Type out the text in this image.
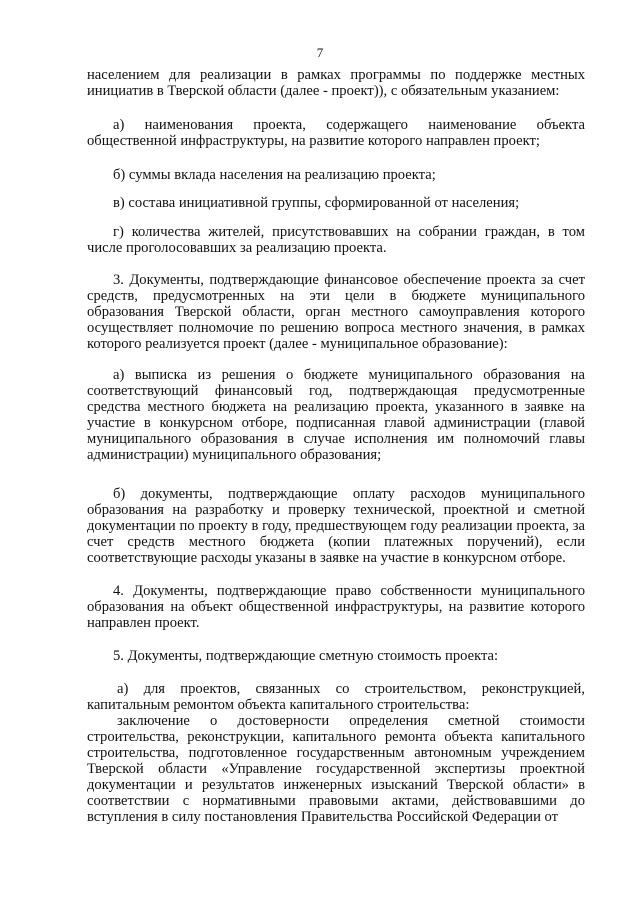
7

населением для реализации в рамках программы по поддержке местных инициатив в Тверской области (далее - проект)), с обязательным указанием:

а) наименования проекта, содержащего наименование объекта общественной инфраструктуры, на развитие которого направлен проект;

б) суммы вклада населения на реализацию проекта;

в) состава инициативной группы, сформированной от населения;

г) количества жителей, присутствовавших на собрании граждан, в том числе проголосовавших за реализацию проекта.

3. Документы, подтверждающие финансовое обеспечение проекта за счет средств, предусмотренных на эти цели в бюджете муниципального образования Тверской области, орган местного самоуправления которого осуществляет полномочие по решению вопроса местного значения, в рамках которого реализуется проект (далее - муниципальное образование):

а) выписка из решения о бюджете муниципального образования на соответствующий финансовый год, подтверждающая предусмотренные средства местного бюджета на реализацию проекта, указанного в заявке на участие в конкурсном отборе, подписанная главой администрации (главой муниципального образования в случае исполнения им полномочий главы администрации) муниципального образования;

б) документы, подтверждающие оплату расходов муниципального образования на разработку и проверку технической, проектной и сметной документации по проекту в году, предшествующем году реализации проекта, за счет средств местного бюджета (копии платежных поручений), если соответствующие расходы указаны в заявке на участие в конкурсном отборе.

4. Документы, подтверждающие право собственности муниципального образования на объект общественной инфраструктуры, на развитие которого направлен проект.

5. Документы, подтверждающие сметную стоимость проекта:

а) для проектов, связанных со строительством, реконструкцией, капитальным ремонтом объекта капитального строительства:

заключение о достоверности определения сметной стоимости строительства, реконструкции, капитального ремонта объекта капитального строительства, подготовленное государственным автономным учреждением Тверской области «Управление государственной экспертизы проектной документации и результатов инженерных изысканий Тверской области» в соответствии с нормативными правовыми актами, действовавшими до вступления в силу постановления Правительства Российской Федерации от
